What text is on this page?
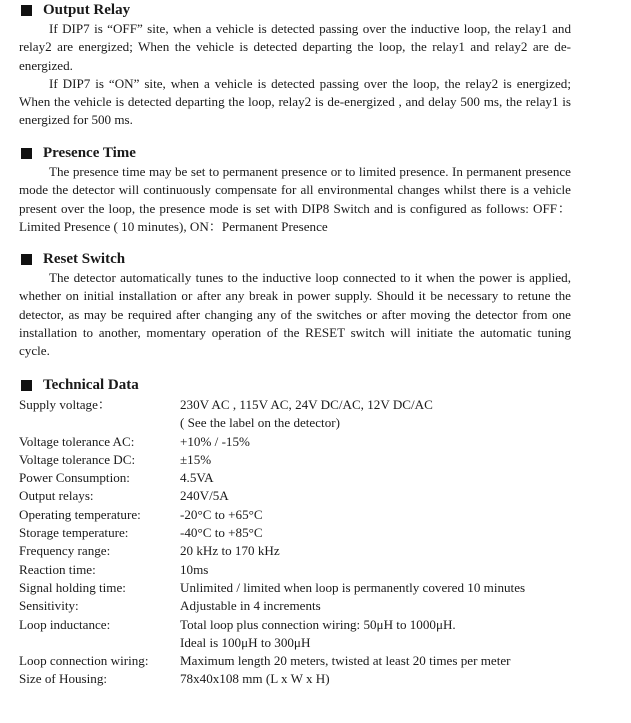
Output Relay

If DIP7 is “OFF” site, when a vehicle is detected passing over the inductive loop, the relay1 and relay2 are energized; When the vehicle is detected departing the loop, the relay1 and relay2 are de-energized.

If DIP7 is “ON” site, when a vehicle is detected passing over the loop, the relay2 is energized; When the vehicle is detected departing the loop, relay2 is de-energized , and delay 500 ms, the relay1 is energized for 500 ms.

Presence Time

The presence time may be set to permanent presence or to limited presence. In permanent presence mode the detector will continuously compensate for all environmental changes whilst there is a vehicle present over the loop, the presence mode is set with DIP8 Switch and is configured as follows: OFF：Limited Presence ( 10 minutes), ON：Permanent Presence

Reset Switch

The detector automatically tunes to the inductive loop connected to it when the power is applied, whether on initial installation or after any break in power supply. Should it be necessary to retune the detector, as may be required after changing any of the switches or after moving the detector from one installation to another, momentary operation of the RESET switch will initiate the automatic tuning cycle.

Technical Data
Supply voltage：	230V AC , 115V AC, 24V DC/AC, 12V DC/AC
( See the label on the detector)
Voltage tolerance AC:	+10% / -15%
Voltage tolerance DC:	±15%
Power Consumption:	4.5VA
Output relays:	240V/5A
Operating temperature:	-20°C to +65°C
Storage temperature:	-40°C to +85°C
Frequency range:	20 kHz to 170 kHz
Reaction time:	10ms
Signal holding time:	Unlimited / limited when loop is permanently covered 10 minutes
Sensitivity:	Adjustable in 4 increments
Loop inductance:	Total loop plus connection wiring: 50μH to 1000μH.
Ideal is 100μH to 300μH
Loop connection wiring:	Maximum length 20 meters, twisted at least 20 times per meter
Size of Housing:	78x40x108 mm (L x W x H)
